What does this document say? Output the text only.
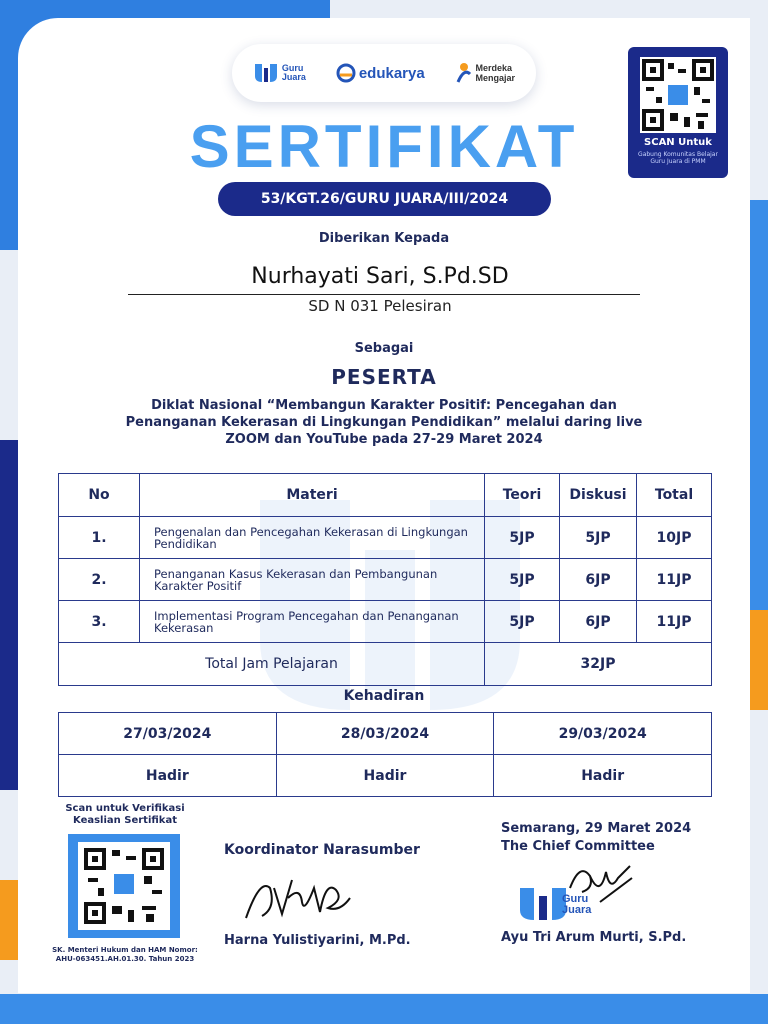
Guru
Juara	edukarya	Merdeka
Mengajar
SCAN Untuk
Gabung Komunitas Belajar Guru Juara di PMM
SERTIFIKAT
53/KGT.26/GURU JUARA/III/2024
Diberikan Kepada
Nurhayati Sari, S.Pd.SD
SD N 031 Pelesiran
Sebagai
PESERTA
Diklat Nasional “Membangun Karakter Positif: Pencegahan dan Penanganan Kekerasan di Lingkungan Pendidikan” melalui daring live ZOOM dan YouTube pada 27-29 Maret 2024
No	Materi	Teori	Diskusi	Total
1.	Pengenalan dan Pencegahan Kekerasan di Lingkungan Pendidikan	5JP	5JP	10JP
2.	Penanganan Kasus Kekerasan dan Pembangunan Karakter Positif	5JP	6JP	11JP
3.	Implementasi Program Pencegahan dan Penanganan Kekerasan	5JP	6JP	11JP
Total Jam Pelajaran		32JP		
Kehadiran
27/03/2024	28/03/2024	29/03/2024
Hadir	Hadir	Hadir
Scan untuk Verifikasi Keaslian Sertifikat
SK. Menteri Hukum dan HAM Nomor: AHU-063451.AH.01.30. Tahun 2023
Koordinator Narasumber
Harna Yulistiyarini, M.Pd.
Semarang, 29 Maret 2024
The Chief Committee
Guru
Juara
Ayu Tri Arum Murti, S.Pd.
